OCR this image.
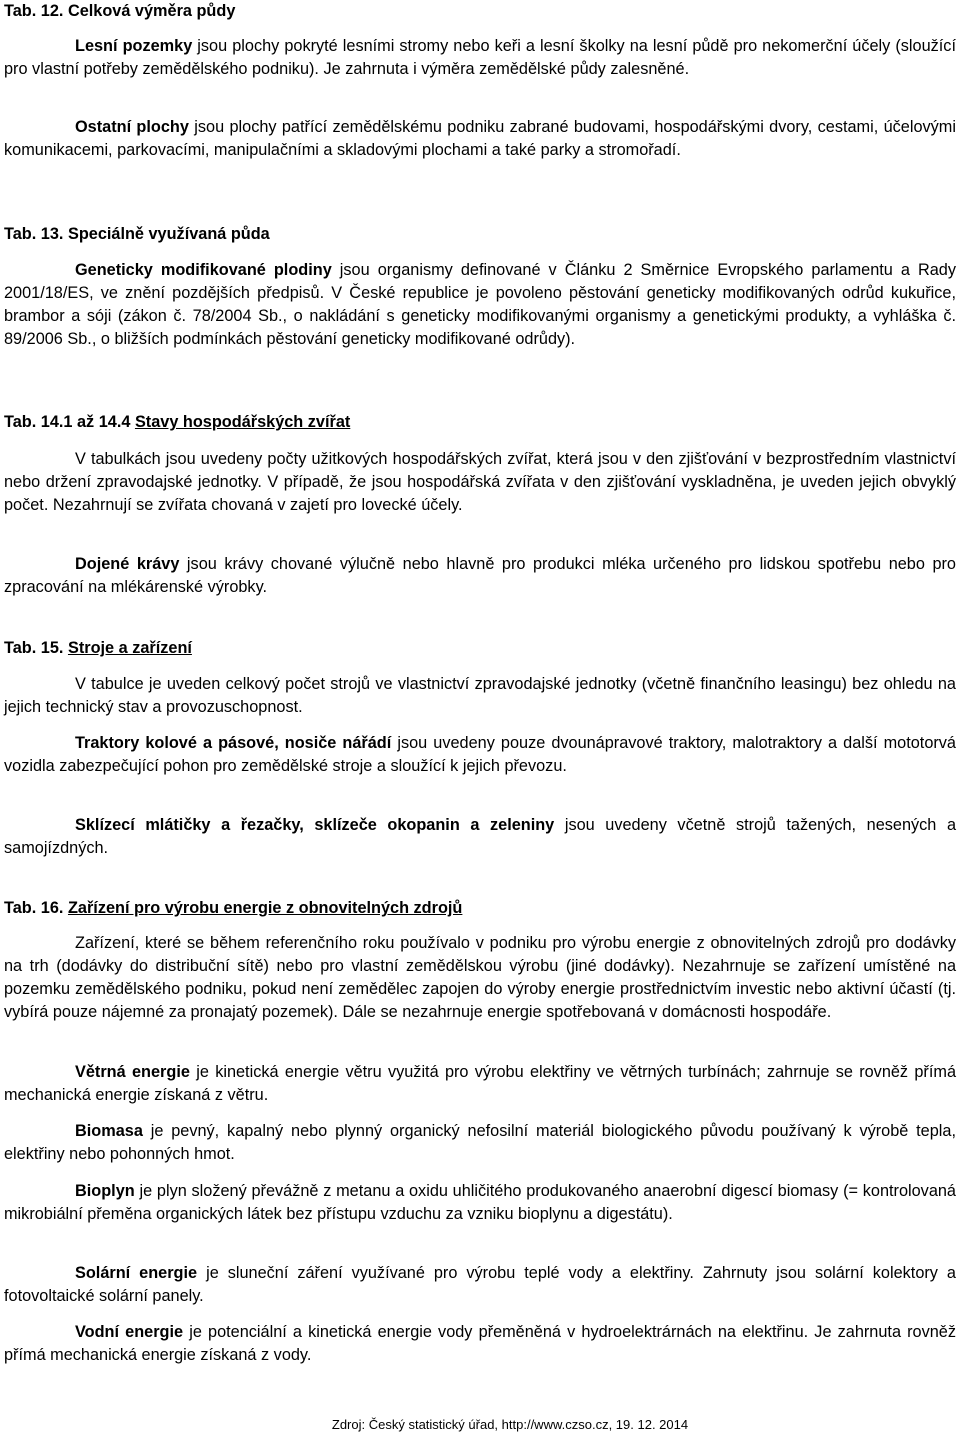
Tab. 12. Celková výměra půdy

Lesní pozemky jsou plochy pokryté lesními stromy nebo keři a lesní školky na lesní půdě pro nekomerční účely (sloužící pro vlastní potřeby zemědělského podniku). Je zahrnuta i výměra zemědělské půdy zalesněné.

Ostatní plochy jsou plochy patřící zemědělskému podniku zabrané budovami, hospodářskými dvory, cestami, účelovými komunikacemi, parkovacími, manipulačními a skladovými plochami a také parky a stromořadí.

Tab. 13. Speciálně využívaná půda

Geneticky modifikované plodiny jsou organismy definované v Článku 2 Směrnice Evropského parlamentu a Rady 2001/18/ES, ve znění pozdějších předpisů. V České republice je povoleno pěstování geneticky modifikovaných odrůd kukuřice, brambor a sóji (zákon č. 78/2004 Sb., o nakládání s geneticky modifikovanými organismy a genetickými produkty, a vyhláška č. 89/2006 Sb., o bližších podmínkách pěstování geneticky modifikované odrůdy).

Tab. 14.1 až 14.4 Stavy hospodářských zvířat

V tabulkách jsou uvedeny počty užitkových hospodářských zvířat, která jsou v den zjišťování v bezprostředním vlastnictví nebo držení zpravodajské jednotky. V případě, že jsou hospodářská zvířata v den zjišťování vyskladněna, je uveden jejich obvyklý počet. Nezahrnují se zvířata chovaná v zajetí pro lovecké účely.

Dojené krávy jsou krávy chované výlučně nebo hlavně pro produkci mléka určeného pro lidskou spotřebu nebo pro zpracování na mlékárenské výrobky.

Tab. 15. Stroje a zařízení

V tabulce je uveden celkový počet strojů ve vlastnictví zpravodajské jednotky (včetně finančního leasingu) bez ohledu na jejich technický stav a provozuschopnost.

Traktory kolové a pásové, nosiče nářádí jsou uvedeny pouze dvounápravové traktory, malotraktory a další mototorvá vozidla zabezpečující pohon pro zemědělské stroje a sloužící k jejich převozu.

Sklízecí mlátičky a řezačky, sklízeče okopanin a zeleniny jsou uvedeny včetně strojů tažených, nesených a samojízdných.

Tab. 16. Zařízení pro výrobu energie z obnovitelných zdrojů

Zařízení, které se během referenčního roku používalo v podniku pro výrobu energie z obnovitelných zdrojů pro dodávky na trh (dodávky do distribuční sítě) nebo pro vlastní zemědělskou výrobu (jiné dodávky). Nezahrnuje se zařízení umístěné na pozemku zemědělského podniku, pokud není zemědělec zapojen do výroby energie prostřednictvím investic nebo aktivní účastí (tj. vybírá pouze nájemné za pronajatý pozemek). Dále se nezahrnuje energie spotřebovaná v domácnosti hospodáře.

Větrná energie je kinetická energie větru využitá pro výrobu elektřiny ve větrných turbínách; zahrnuje se rovněž přímá mechanická energie získaná z větru.

Biomasa je pevný, kapalný nebo plynný organický nefosilní materiál biologického původu používaný k výrobě tepla, elektřiny nebo pohonných hmot.

Bioplyn je plyn složený převážně z metanu a oxidu uhličitého produkovaného anaerobní digescí biomasy (= kontrolovaná mikrobiální přeměna organických látek bez přístupu vzduchu za vzniku bioplynu a digestátu).

Solární energie je sluneční záření využívané pro výrobu teplé vody a elektřiny. Zahrnuty jsou solární kolektory a fotovoltaické solární panely.

Vodní energie je potenciální a kinetická energie vody přeměněná v hydroelektrárnách na elektřinu. Je zahrnuta rovněž přímá mechanická energie získaná z vody.

Zdroj: Český statistický úřad, http://www.czso.cz, 19. 12. 2014
